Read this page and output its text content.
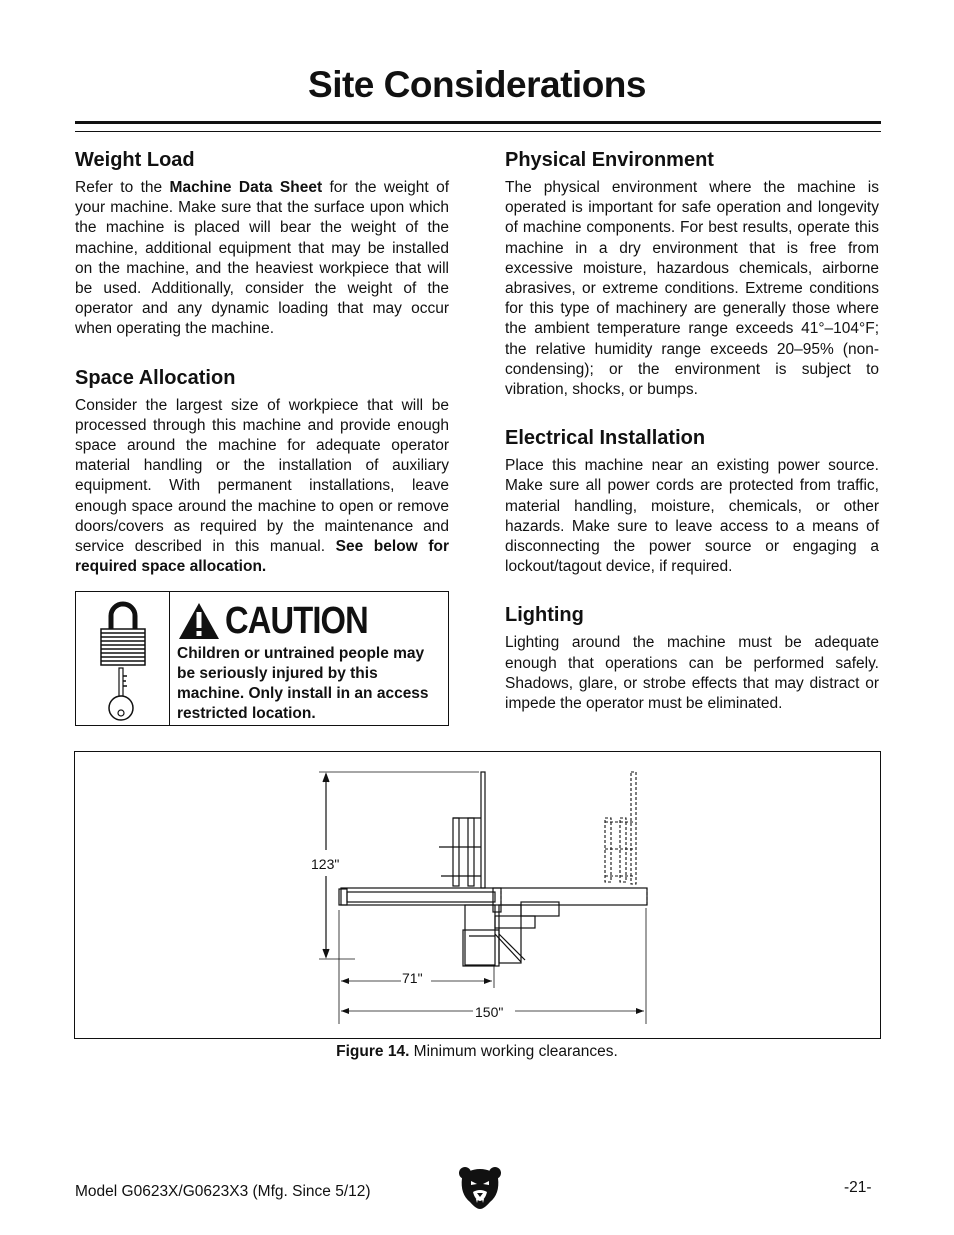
Site Considerations
Weight Load

Refer to the Machine Data Sheet for the weight of your machine. Make sure that the surface upon which the machine is placed will bear the weight of the machine, additional equipment that may be installed on the machine, and the heaviest workpiece that will be used. Additionally, consider the weight of the operator and any dynamic loading that may occur when operating the machine.

Space Allocation

Consider the largest size of workpiece that will be processed through this machine and provide enough space around the machine for adequate operator material handling or the installation of auxiliary equipment. With permanent installations, leave enough space around the machine to open or remove doors/covers as required by the maintenance and service described in this manual. See below for required space allocation.

CAUTION
Children or untrained people may be seriously injured by this machine. Only install in an access restricted location.
Physical Environment

The physical environment where the machine is operated is important for safe operation and longevity of machine components. For best results, operate this machine in a dry environment that is free from excessive moisture, hazardous chemicals, airborne abrasives, or extreme conditions. Extreme conditions for this type of machinery are generally those where the ambient temperature range exceeds 41°–104°F; the relative humidity range exceeds 20–95% (non-condensing); or the environment is subject to vibration, shocks, or bumps.

Electrical Installation

Place this machine near an existing power source. Make sure all power cords are protected from traffic, material handling, moisture, chemicals, or other hazards. Make sure to leave access to a means of disconnecting the power source or engaging a lockout/tagout device, if required.

Lighting

Lighting around the machine must be adequate enough that operations can be performed safely. Shadows, glare, or strobe effects that may distract or impede the operator must be eliminated.

123"
71"
150"
Figure 14. Minimum working clearances.
Model G0623X/G0623X3 (Mfg. Since 5/12)	-21-
